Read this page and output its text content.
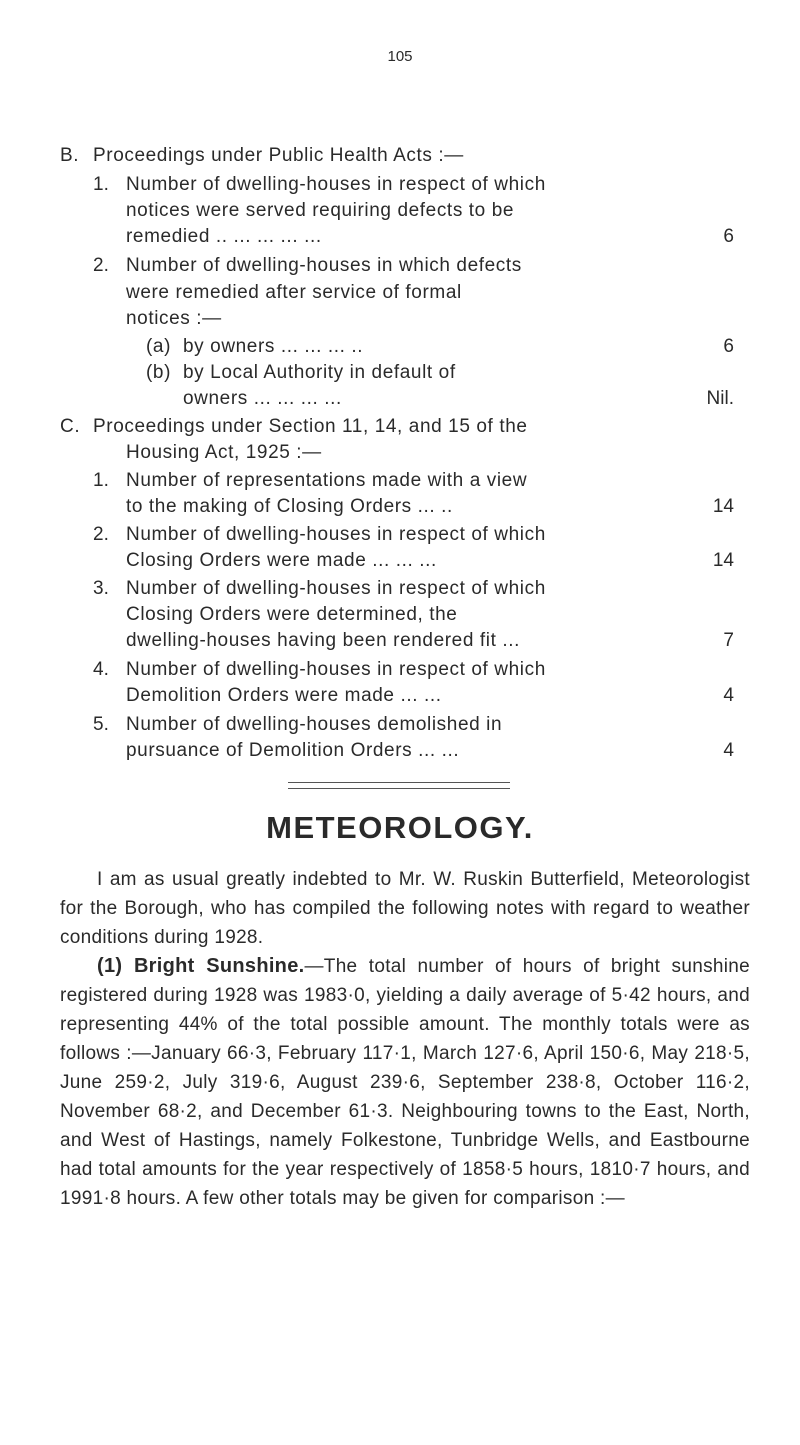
105
B. Proceedings under Public Health Acts :—
1. Number of dwelling-houses in respect of which
notices were served requiring defects to be
remedied .. ... ... ... ...	6
2. Number of dwelling-houses in which defects
were remedied after service of formal
notices :—
(a) by owners ... ... ... ..	6
(b) by Local Authority in default of
owners ... ... ... ...	Nil.
C. Proceedings under Section 11, 14, and 15 of the
Housing Act, 1925 :—
1. Number of representations made with a view
to the making of Closing Orders ... ..	14
2. Number of dwelling-houses in respect of which
Closing Orders were made ... ... ...	14
3. Number of dwelling-houses in respect of which
Closing Orders were determined, the
dwelling-houses having been rendered fit ...	7
4. Number of dwelling-houses in respect of which
Demolition Orders were made ... ...	4
5. Number of dwelling-houses demolished in
pursuance of Demolition Orders ... ...	4
METEOROLOGY.

I am as usual greatly indebted to Mr. W. Ruskin Butterfield, Meteorologist for the Borough, who has compiled the following notes with regard to weather conditions during 1928.

(1) Bright Sunshine.—The total number of hours of bright sunshine registered during 1928 was 1983·0, yielding a daily average of 5·42 hours, and representing 44% of the total possible amount. The monthly totals were as follows :—January 66·3, February 117·1, March 127·6, April 150·6, May 218·5, June 259·2, July 319·6, August 239·6, September 238·8, October 116·2, November 68·2, and December 61·3. Neighbouring towns to the East, North, and West of Hastings, namely Folkestone, Tunbridge Wells, and Eastbourne had total amounts for the year respectively of 1858·5 hours, 1810·7 hours, and 1991·8 hours. A few other totals may be given for comparison :—
